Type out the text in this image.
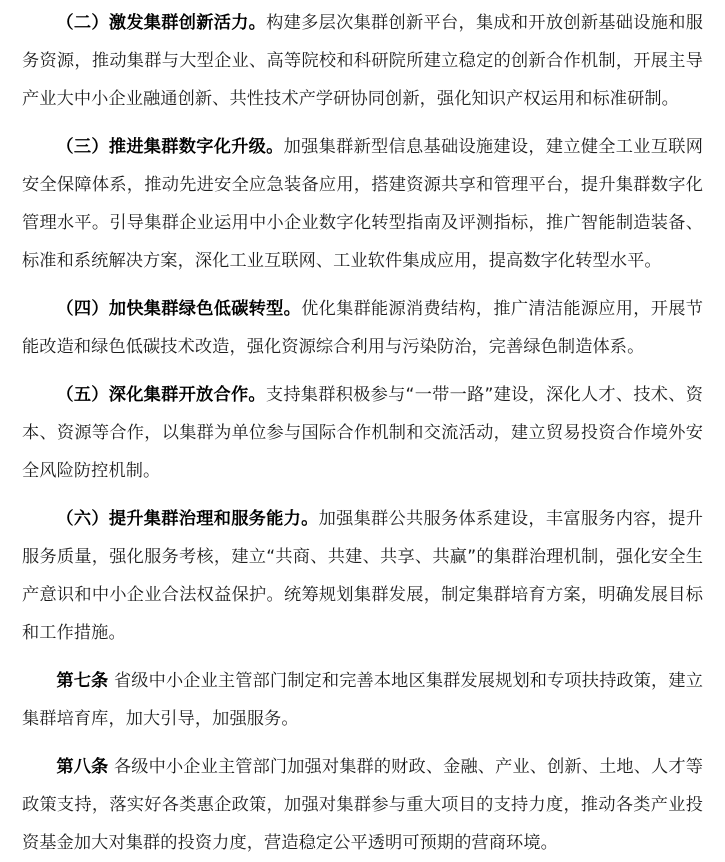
（二）激发集群创新活力。构建多层次集群创新平台，集成和开放创新基础设施和服务资源，推动集群与大型企业、高等院校和科研院所建立稳定的创新合作机制，开展主导产业大中小企业融通创新、共性技术产学研协同创新，强化知识产权运用和标准研制。

（三）推进集群数字化升级。加强集群新型信息基础设施建设，建立健全工业互联网安全保障体系，推动先进安全应急装备应用，搭建资源共享和管理平台，提升集群数字化管理水平。引导集群企业运用中小企业数字化转型指南及评测指标，推广智能制造装备、标准和系统解决方案，深化工业互联网、工业软件集成应用，提高数字化转型水平。

（四）加快集群绿色低碳转型。优化集群能源消费结构，推广清洁能源应用，开展节能改造和绿色低碳技术改造，强化资源综合利用与污染防治，完善绿色制造体系。

（五）深化集群开放合作。支持集群积极参与“一带一路”建设，深化人才、技术、资本、资源等合作，以集群为单位参与国际合作机制和交流活动，建立贸易投资合作境外安全风险防控机制。

（六）提升集群治理和服务能力。加强集群公共服务体系建设，丰富服务内容，提升服务质量，强化服务考核，建立“共商、共建、共享、共赢”的集群治理机制，强化安全生产意识和中小企业合法权益保护。统筹规划集群发展，制定集群培育方案，明确发展目标和工作措施。

第七条 省级中小企业主管部门制定和完善本地区集群发展规划和专项扶持政策，建立集群培育库，加大引导，加强服务。

第八条 各级中小企业主管部门加强对集群的财政、金融、产业、创新、土地、人才等政策支持，落实好各类惠企政策，加强对集群参与重大项目的支持力度，推动各类产业投资基金加大对集群的投资力度，营造稳定公平透明可预期的营商环境。
